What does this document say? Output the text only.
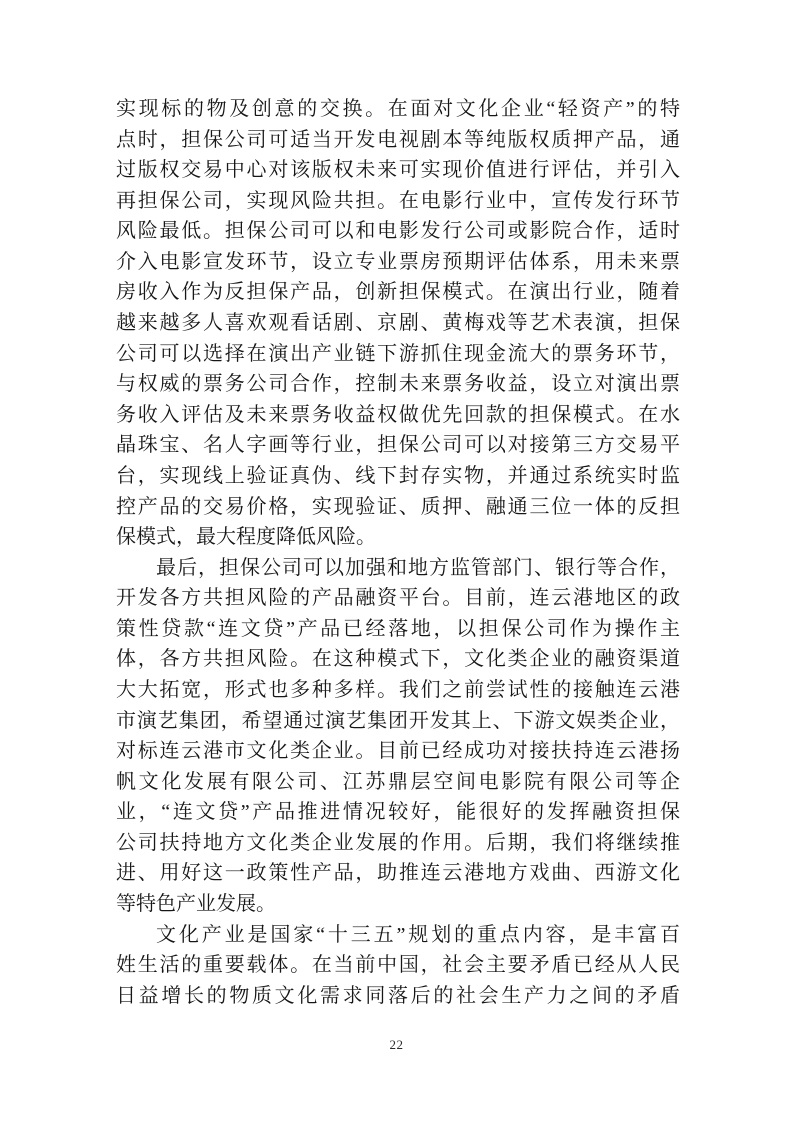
实现标的物及创意的交换。在面对文化企业“轻资产”的特
点时，担保公司可适当开发电视剧本等纯版权质押产品，通
过版权交易中心对该版权未来可实现价值进行评估，并引入
再担保公司，实现风险共担。在电影行业中，宣传发行环节
风险最低。担保公司可以和电影发行公司或影院合作，适时
介入电影宣发环节，设立专业票房预期评估体系，用未来票
房收入作为反担保产品，创新担保模式。在演出行业，随着
越来越多人喜欢观看话剧、京剧、黄梅戏等艺术表演，担保
公司可以选择在演出产业链下游抓住现金流大的票务环节，
与权威的票务公司合作，控制未来票务收益，设立对演出票
务收入评估及未来票务收益权做优先回款的担保模式。在水
晶珠宝、名人字画等行业，担保公司可以对接第三方交易平
台，实现线上验证真伪、线下封存实物，并通过系统实时监
控产品的交易价格，实现验证、质押、融通三位一体的反担
保模式，最大程度降低风险。
最后，担保公司可以加强和地方监管部门、银行等合作，
开发各方共担风险的产品融资平台。目前，连云港地区的政
策性贷款“连文贷”产品已经落地，以担保公司作为操作主
体，各方共担风险。在这种模式下，文化类企业的融资渠道
大大拓宽，形式也多种多样。我们之前尝试性的接触连云港
市演艺集团，希望通过演艺集团开发其上、下游文娱类企业，
对标连云港市文化类企业。目前已经成功对接扶持连云港扬
帆文化发展有限公司、江苏鼎层空间电影院有限公司等企
业，“连文贷”产品推进情况较好，能很好的发挥融资担保
公司扶持地方文化类企业发展的作用。后期，我们将继续推
进、用好这一政策性产品，助推连云港地方戏曲、西游文化
等特色产业发展。
文化产业是国家“十三五”规划的重点内容，是丰富百
姓生活的重要载体。在当前中国，社会主要矛盾已经从人民
日益增长的物质文化需求同落后的社会生产力之间的矛盾
22
